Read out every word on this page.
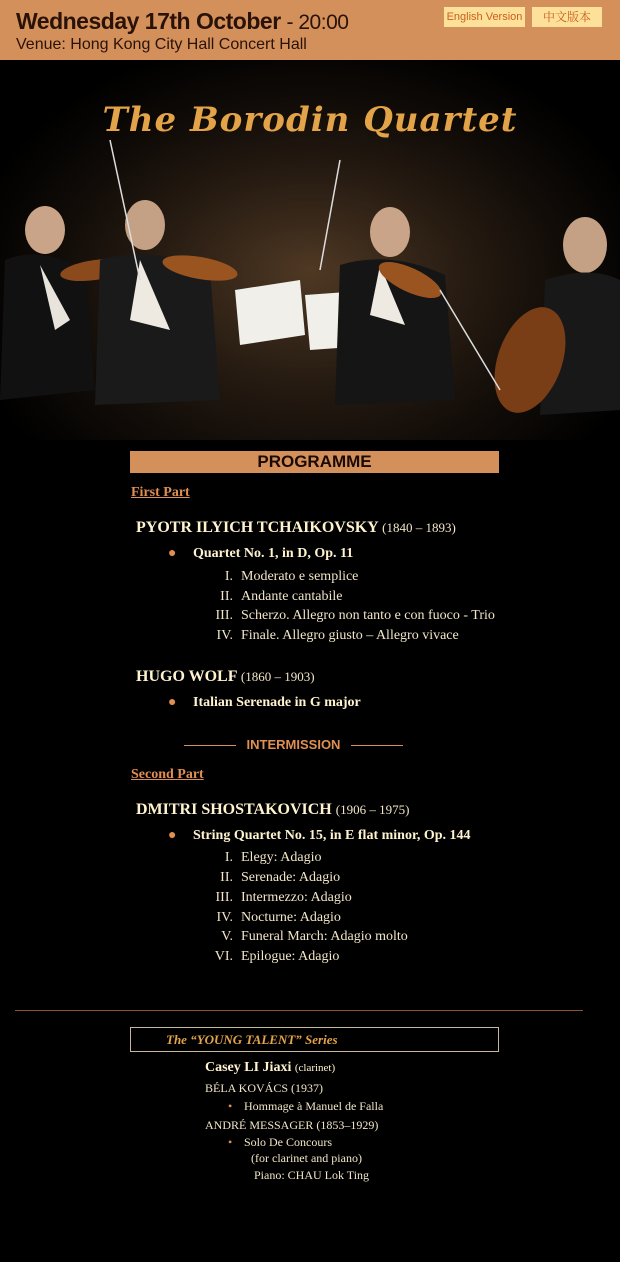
Wednesday 17th October - 20:00
Venue: Hong Kong City Hall Concert Hall
English Version	中文版本
The Borodin Quartet
PROGRAMME
First Part
PYOTR ILYICH TCHAIKOVSKY (1840 – 1893)
● Quartet No. 1, in D, Op. 11
I. Moderato e semplice
II. Andante cantabile
III. Scherzo. Allegro non tanto e con fuoco - Trio
IV. Finale. Allegro giusto – Allegro vivace
HUGO WOLF (1860 – 1903)
● Italian Serenade in G major
INTERMISSION
Second Part
DMITRI SHOSTAKOVICH (1906 – 1975)
● String Quartet No. 15, in E flat minor, Op. 144
I. Elegy: Adagio
II. Serenade: Adagio
III. Intermezzo: Adagio
IV. Nocturne: Adagio
V. Funeral March: Adagio molto
VI. Epilogue: Adagio
The “YOUNG TALENT” Series
Casey LI Jiaxi (clarinet)
BÉLA KOVÁCS (1937)
• Hommage à Manuel de Falla
ANDRÉ MESSAGER (1853–1929)
• Solo De Concours
(for clarinet and piano)
Piano: CHAU Lok Ting
